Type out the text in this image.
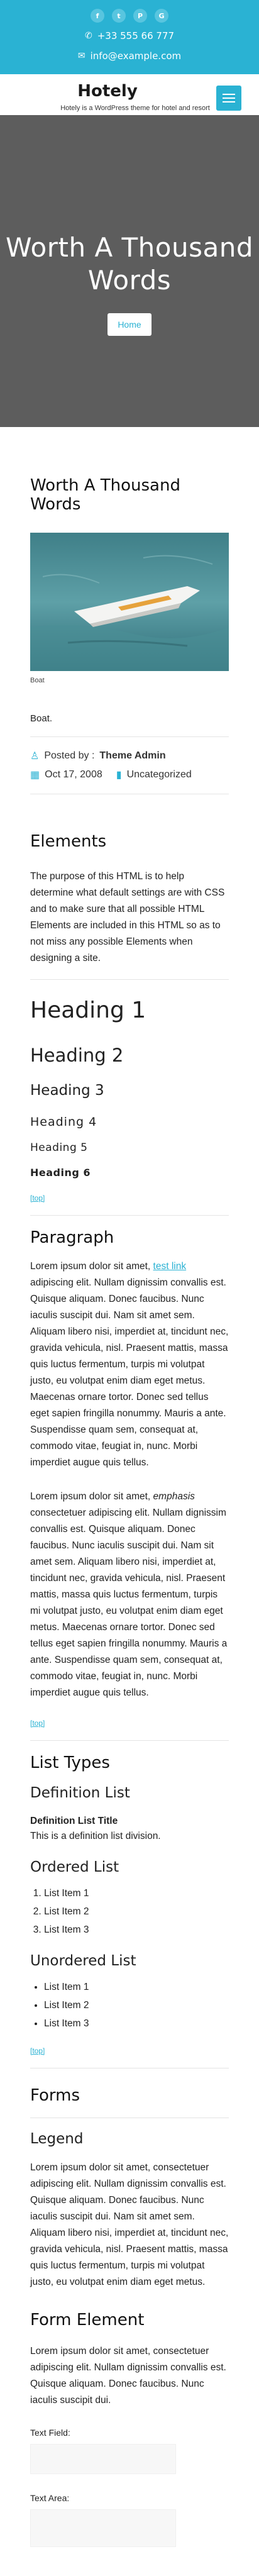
f	t	P	G
✆ +33 555 66 777
✉ info@example.com
Hotely
Hotely is a WordPress theme for hotel and resort
Worth A Thousand Words
Home
Worth A Thousand Words
Boat
Boat.
♙ Posted by : Theme Admin
▦ Oct 17, 2008 ▮ Uncategorized
Elements

The purpose of this HTML is to help determine what default settings are with CSS and to make sure that all possible HTML Elements are included in this HTML so as to not miss any possible Elements when designing a site.

Heading 1
Heading 2
Heading 3
Heading 4
Heading 5
Heading 6
[top]
Paragraph

Lorem ipsum dolor sit amet, test link adipiscing elit. Nullam dignissim convallis est. Quisque aliquam. Donec faucibus. Nunc iaculis suscipit dui. Nam sit amet sem. Aliquam libero nisi, imperdiet at, tincidunt nec, gravida vehicula, nisl. Praesent mattis, massa quis luctus fermentum, turpis mi volutpat justo, eu volutpat enim diam eget metus. Maecenas ornare tortor. Donec sed tellus eget sapien fringilla nonummy. Mauris a ante. Suspendisse quam sem, consequat at, commodo vitae, feugiat in, nunc. Morbi imperdiet augue quis tellus.

Lorem ipsum dolor sit amet, emphasis consectetuer adipiscing elit. Nullam dignissim convallis est. Quisque aliquam. Donec faucibus. Nunc iaculis suscipit dui. Nam sit amet sem. Aliquam libero nisi, imperdiet at, tincidunt nec, gravida vehicula, nisl. Praesent mattis, massa quis luctus fermentum, turpis mi volutpat justo, eu volutpat enim diam eget metus. Maecenas ornare tortor. Donec sed tellus eget sapien fringilla nonummy. Mauris a ante. Suspendisse quam sem, consequat at, commodo vitae, feugiat in, nunc. Morbi imperdiet augue quis tellus.

[top]
List Types
Definition List
Definition List Title
This is a definition list division.
Ordered List
1. List Item 1
2. List Item 2
3. List Item 3
Unordered List
• List Item 1
• List Item 2
• List Item 3
[top]
Forms
Legend

Lorem ipsum dolor sit amet, consectetuer adipiscing elit. Nullam dignissim convallis est. Quisque aliquam. Donec faucibus. Nunc iaculis suscipit dui. Nam sit amet sem. Aliquam libero nisi, imperdiet at, tincidunt nec, gravida vehicula, nisl. Praesent mattis, massa quis luctus fermentum, turpis mi volutpat justo, eu volutpat enim diam eget metus.

Form Element

Lorem ipsum dolor sit amet, consectetuer adipiscing elit. Nullam dignissim convallis est. Quisque aliquam. Donec faucibus. Nunc iaculis suscipit dui.

Text Field:
Text Area:
